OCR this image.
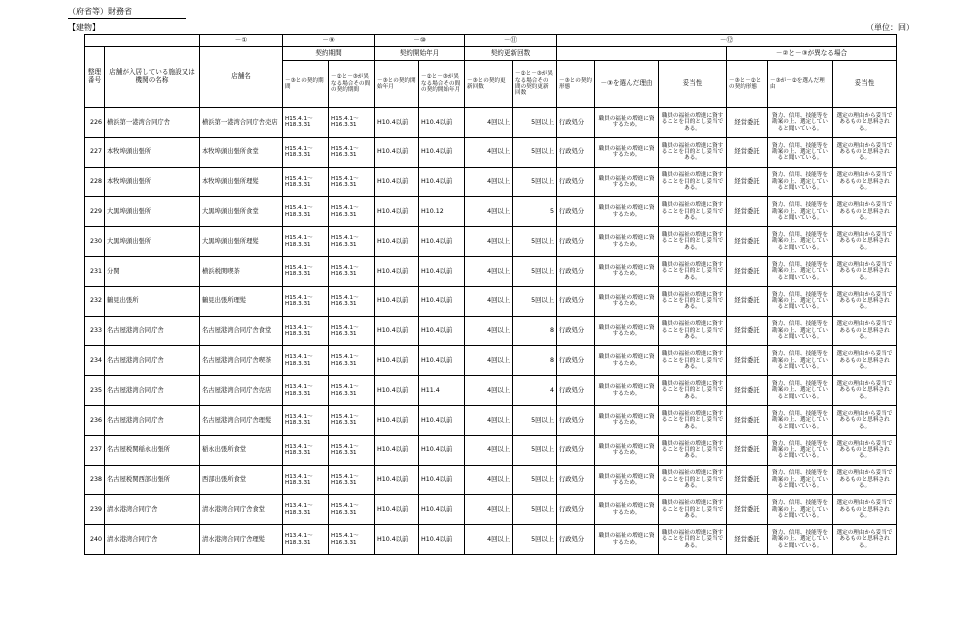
（府省等）財務省
【建物】	（単位：回）
		－①	－⑨		－⑩		－⑪		－⑫					
整理番号	店舗が入居している施設又は機関の名称	店舗名	契約期間		契約開始年月		契約更新回数					－②と－③が異なる場合		
			－③との契約期間	－②と－③が異なる場合その間の契約期間	－③との契約開始年月	－②と－③が異なる場合その間の契約開始年月	－③との契約更新回数	－②と－③が異なる場合その間の契約更新回数	－③との契約形態	－③を選んだ理由	妥当性	－③と－②との契約形態	－③が－②を選んだ理由	妥当性
226	横浜第一港湾合同庁舎	横浜第一港湾合同庁舎売店	H15.4.1～H18.3.31	H15.4.1～H16.3.31	H10.4以前	H10.4以前	4回以上	5回以上	行政処分	職員の福祉の増進に資するため。	職員の福祉の増進に資することを目的とし妥当である。	経営委託	資力、信用、技能等を勘案の上、選定していると聞いている。	選定の理由から妥当であるものと思料される。
227	本牧埠頭出張所	本牧埠頭出張所食堂	H15.4.1～H18.3.31	H15.4.1～H16.3.31	H10.4以前	H10.4以前	4回以上	5回以上	行政処分	職員の福祉の増進に資するため。	職員の福祉の増進に資することを目的とし妥当である。	経営委託	資力、信用、技能等を勘案の上、選定していると聞いている。	選定の理由から妥当であるものと思料される。
228	本牧埠頭出張所	本牧埠頭出張所理髪	H15.4.1～H18.3.31	H15.4.1～H16.3.31	H10.4以前	H10.4以前	4回以上	5回以上	行政処分	職員の福祉の増進に資するため。	職員の福祉の増進に資することを目的とし妥当である。	経営委託	資力、信用、技能等を勘案の上、選定していると聞いている。	選定の理由から妥当であるものと思料される。
229	大黒埠頭出張所	大黒埠頭出張所食堂	H15.4.1～H18.3.31	H15.4.1～H16.3.31	H10.4以前	H10.12	4回以上	5	行政処分	職員の福祉の増進に資するため。	職員の福祉の増進に資することを目的とし妥当である。	経営委託	資力、信用、技能等を勘案の上、選定していると聞いている。	選定の理由から妥当であるものと思料される。
230	大黒埠頭出張所	大黒埠頭出張所理髪	H15.4.1～H18.3.31	H15.4.1～H16.3.31	H10.4以前	H10.4以前	4回以上	5回以上	行政処分	職員の福祉の増進に資するため。	職員の福祉の増進に資することを目的とし妥当である。	経営委託	資力、信用、技能等を勘案の上、選定していると聞いている。	選定の理由から妥当であるものと思料される。
231	分関	横浜税関喫茶	H15.4.1～H18.3.31	H15.4.1～H16.3.31	H10.4以前	H10.4以前	4回以上	5回以上	行政処分	職員の福祉の増進に資するため。	職員の福祉の増進に資することを目的とし妥当である。	経営委託	資力、信用、技能等を勘案の上、選定していると聞いている。	選定の理由から妥当であるものと思料される。
232	鶴見出張所	鶴見出張所理髪	H15.4.1～H18.3.31	H15.4.1～H16.3.31	H10.4以前	H10.4以前	4回以上	5回以上	行政処分	職員の福祉の増進に資するため。	職員の福祉の増進に資することを目的とし妥当である。	経営委託	資力、信用、技能等を勘案の上、選定していると聞いている。	選定の理由から妥当であるものと思料される。
233	名古屋港湾合同庁舎	名古屋港湾合同庁舎食堂	H13.4.1～H18.3.31	H15.4.1～H16.3.31	H10.4以前	H10.4以前	4回以上	8	行政処分	職員の福祉の増進に資するため。	職員の福祉の増進に資することを目的とし妥当である。	経営委託	資力、信用、技能等を勘案の上、選定していると聞いている。	選定の理由から妥当であるものと思料される。
234	名古屋港湾合同庁舎	名古屋港湾合同庁舎喫茶	H13.4.1～H18.3.31	H15.4.1～H16.3.31	H10.4以前	H10.4以前	4回以上	8	行政処分	職員の福祉の増進に資するため。	職員の福祉の増進に資することを目的とし妥当である。	経営委託	資力、信用、技能等を勘案の上、選定していると聞いている。	選定の理由から妥当であるものと思料される。
235	名古屋港湾合同庁舎	名古屋港湾合同庁舎売店	H13.4.1～H18.3.31	H15.4.1～H16.3.31	H10.4以前	H11.4	4回以上	4	行政処分	職員の福祉の増進に資するため。	職員の福祉の増進に資することを目的とし妥当である。	経営委託	資力、信用、技能等を勘案の上、選定していると聞いている。	選定の理由から妥当であるものと思料される。
236	名古屋港湾合同庁舎	名古屋港湾合同庁舎理髪	H13.4.1～H18.3.31	H15.4.1～H16.3.31	H10.4以前	H10.4以前	4回以上	5回以上	行政処分	職員の福祉の増進に資するため。	職員の福祉の増進に資することを目的とし妥当である。	経営委託	資力、信用、技能等を勘案の上、選定していると聞いている。	選定の理由から妥当であるものと思料される。
237	名古屋税関稲永出張所	稲永出張所食堂	H13.4.1～H18.3.31	H15.4.1～H16.3.31	H10.4以前	H10.4以前	4回以上	5回以上	行政処分	職員の福祉の増進に資するため。	職員の福祉の増進に資することを目的とし妥当である。	経営委託	資力、信用、技能等を勘案の上、選定していると聞いている。	選定の理由から妥当であるものと思料される。
238	名古屋税関西部出張所	西部出張所食堂	H13.4.1～H18.3.31	H15.4.1～H16.3.31	H10.4以前	H10.4以前	4回以上	5回以上	行政処分	職員の福祉の増進に資するため。	職員の福祉の増進に資することを目的とし妥当である。	経営委託	資力、信用、技能等を勘案の上、選定していると聞いている。	選定の理由から妥当であるものと思料される。
239	清水港湾合同庁舎	清水港湾合同庁舎食堂	H13.4.1～H18.3.31	H15.4.1～H16.3.31	H10.4以前	H10.4以前	4回以上	5回以上	行政処分	職員の福祉の増進に資するため。	職員の福祉の増進に資することを目的とし妥当である。	経営委託	資力、信用、技能等を勘案の上、選定していると聞いている。	選定の理由から妥当であるものと思料される。
240	清水港湾合同庁舎	清水港湾合同庁舎理髪	H13.4.1～H18.3.31	H15.4.1～H16.3.31	H10.4以前	H10.4以前	4回以上	5回以上	行政処分	職員の福祉の増進に資するため。	職員の福祉の増進に資することを目的とし妥当である。	経営委託	資力、信用、技能等を勘案の上、選定していると聞いている。	選定の理由から妥当であるものと思料される。
